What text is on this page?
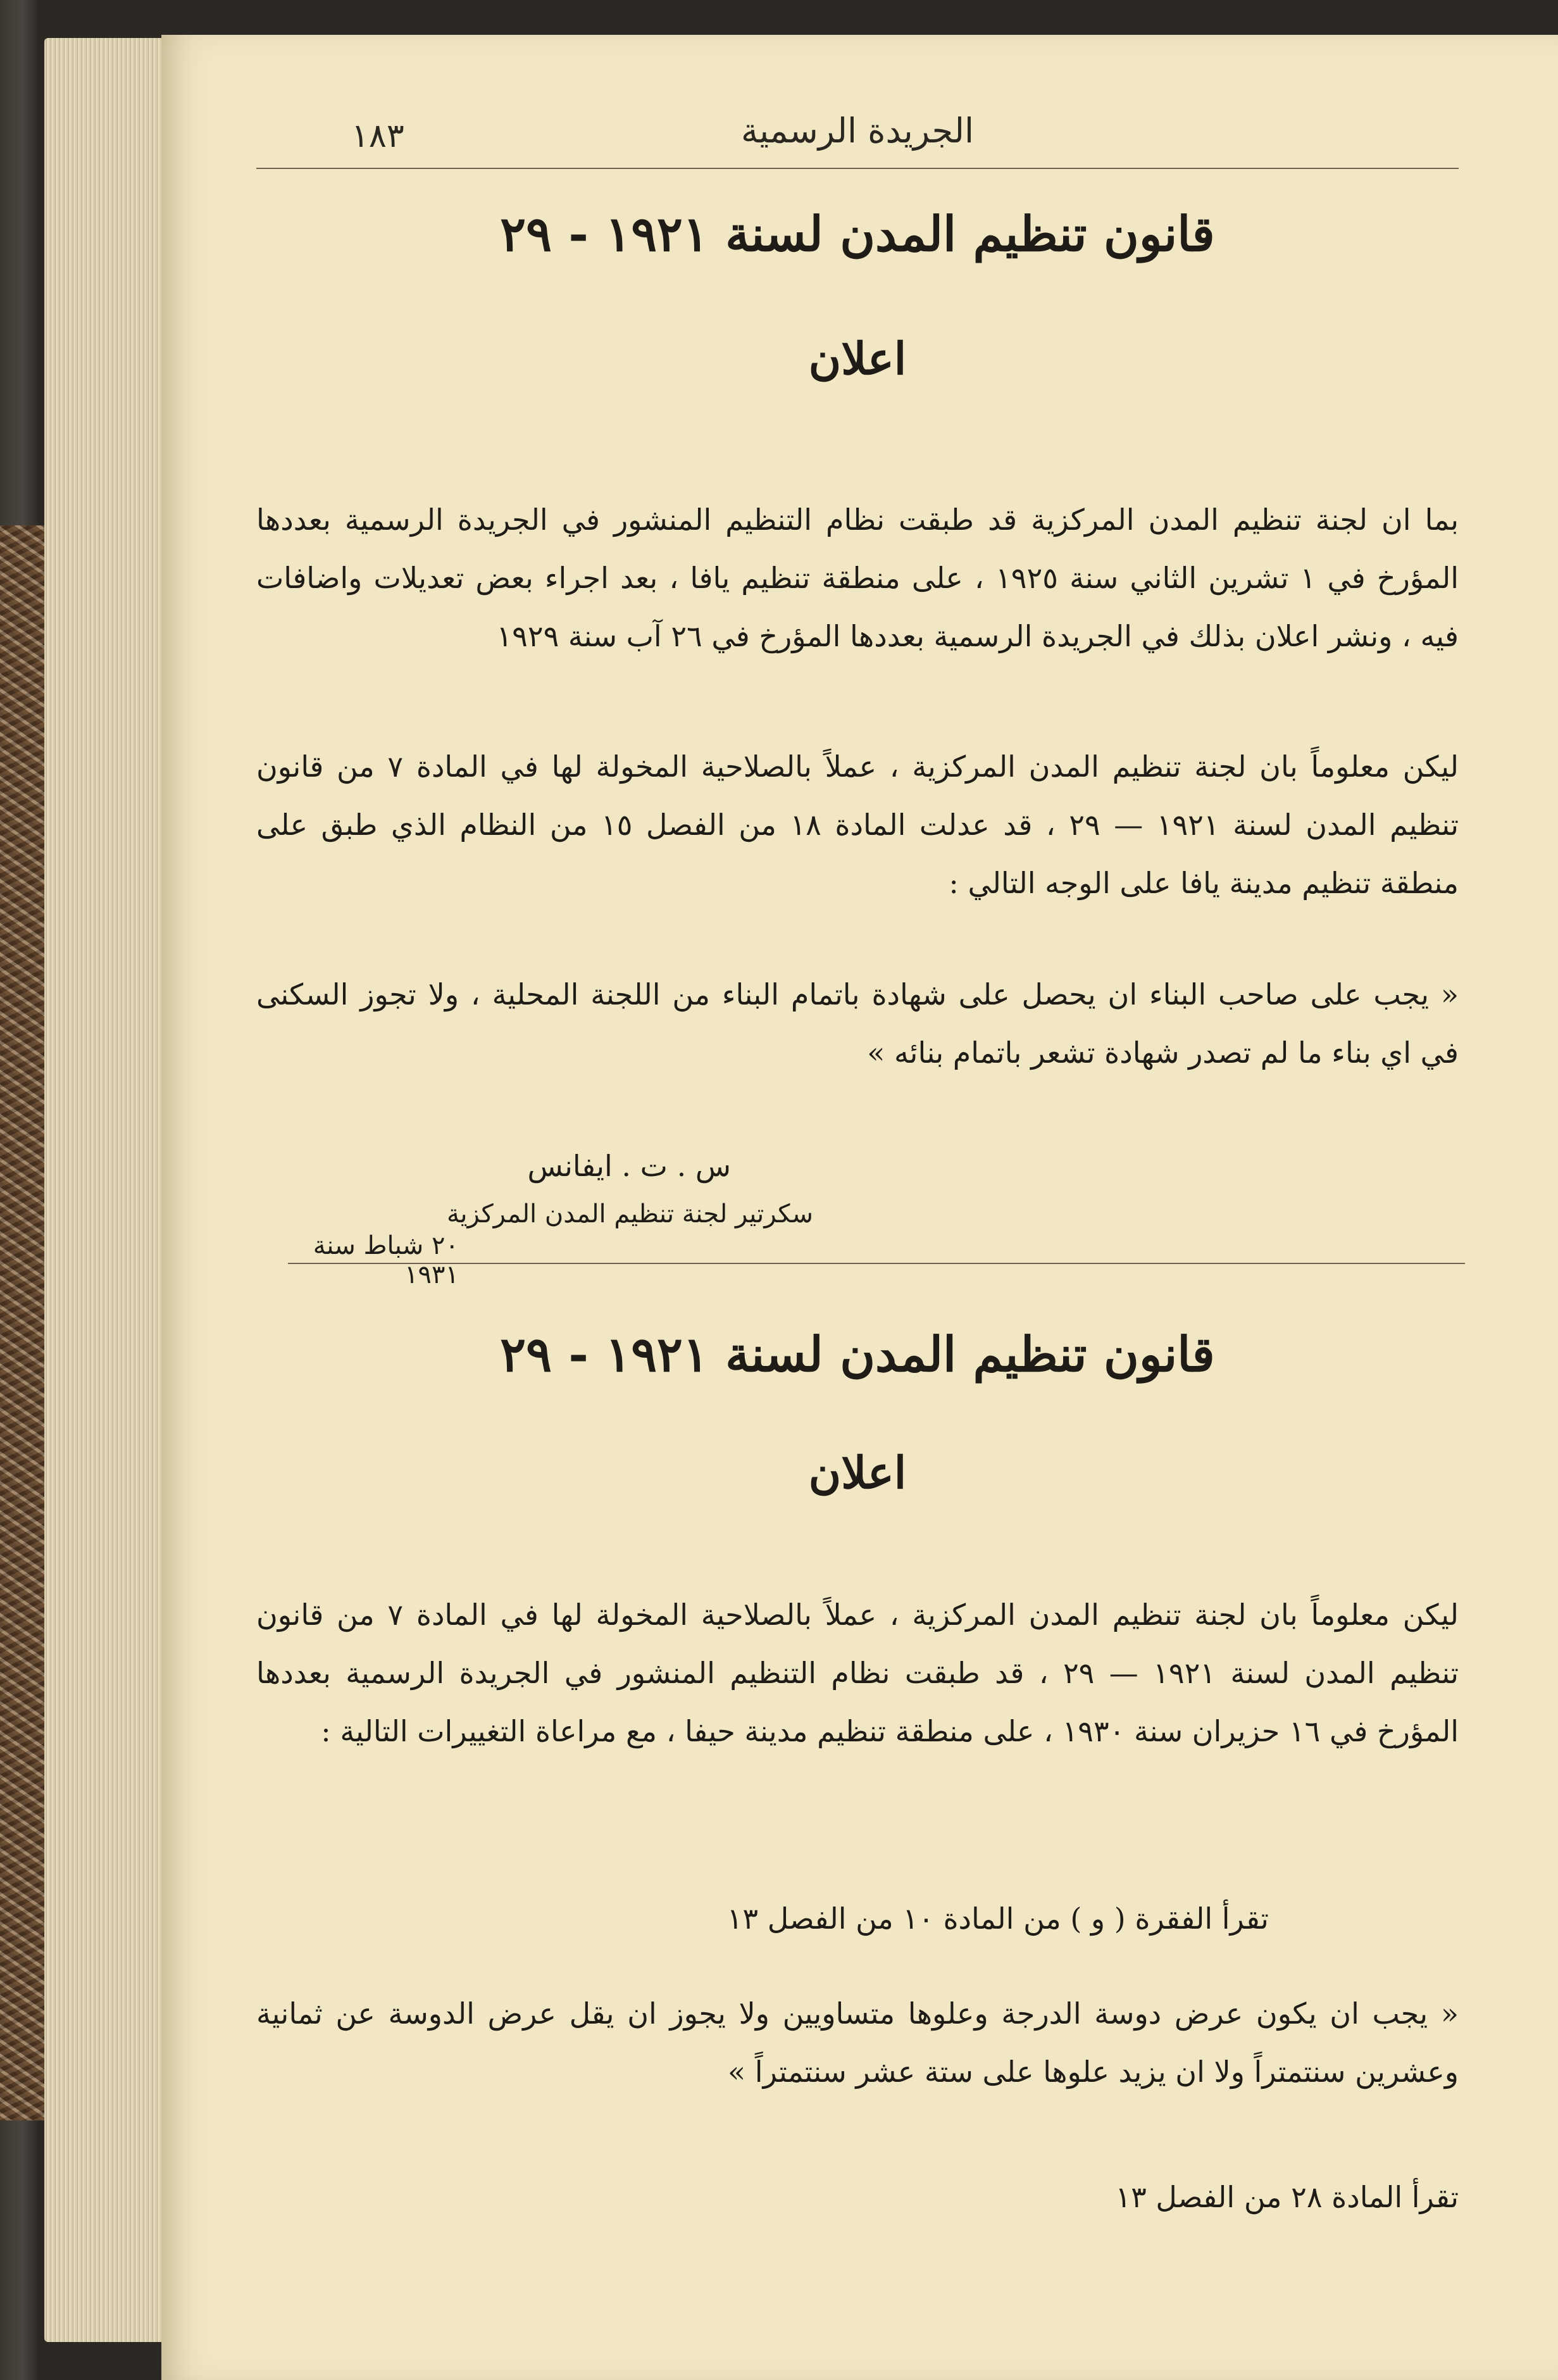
١٨٣	الجريدة الرسمية

قانون تنظيم المدن لسنة ١٩٢١ - ٢٩

اعلان

بما ان لجنة تنظيم المدن المركزية قد طبقت نظام التنظيم المنشور في الجريدة الرسمية بعددها المؤرخ في ١ تشرين الثاني سنة ١٩٢٥ ، على منطقة تنظيم يافا ، بعد اجراء بعض تعديلات واضافات فيه ، ونشر اعلان بذلك في الجريدة الرسمية بعددها المؤرخ في ٢٦ آب سنة ١٩٢٩

ليكن معلوماً بان لجنة تنظيم المدن المركزية ، عملاً بالصلاحية المخولة لها في المادة ٧ من قانون تنظيم المدن لسنة ١٩٢١ — ٢٩ ، قد عدلت المادة ١٨ من الفصل ١٥ من النظام الذي طبق على منطقة تنظيم مدينة يافا على الوجه التالي :

« يجب على صاحب البناء ان يحصل على شهادة باتمام البناء من اللجنة المحلية ، ولا تجوز السكنى في اي بناء ما لم تصدر شهادة تشعر باتمام بنائه »

س . ت . ايفانس
سكرتير لجنة تنظيم المدن المركزية
٢٠ شباط سنة ١٩٣١

قانون تنظيم المدن لسنة ١٩٢١ - ٢٩

اعلان

ليكن معلوماً بان لجنة تنظيم المدن المركزية ، عملاً بالصلاحية المخولة لها في المادة ٧ من قانون تنظيم المدن لسنة ١٩٢١ — ٢٩ ، قد طبقت نظام التنظيم المنشور في الجريدة الرسمية بعددها المؤرخ في ١٦ حزيران سنة ١٩٣٠ ، على منطقة تنظيم مدينة حيفا ، مع مراعاة التغييرات التالية :

تقرأ الفقرة ( و ) من المادة ١٠ من الفصل ١٣

« يجب ان يكون عرض دوسة الدرجة وعلوها متساويين ولا يجوز ان يقل عرض الدوسة عن ثمانية وعشرين سنتمتراً ولا ان يزيد علوها على ستة عشر سنتمتراً »

تقرأ المادة ٢٨ من الفصل ١٣
